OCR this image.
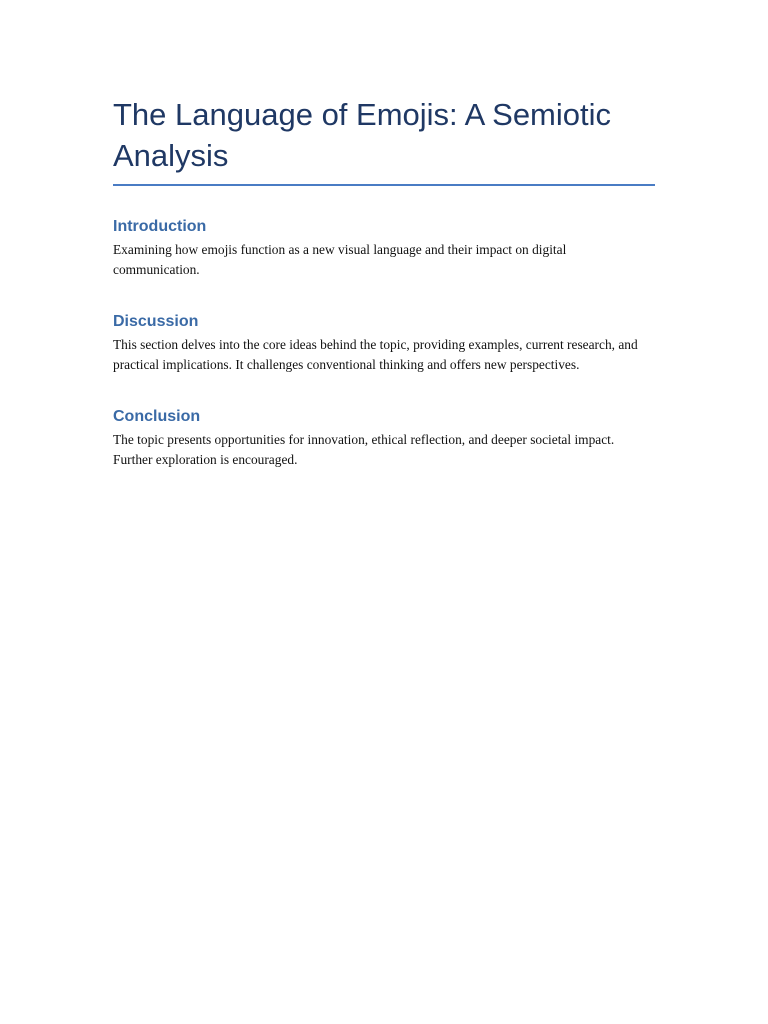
The Language of Emojis: A Semiotic Analysis
Introduction

Examining how emojis function as a new visual language and their impact on digital communication.

Discussion

This section delves into the core ideas behind the topic, providing examples, current research, and practical implications. It challenges conventional thinking and offers new perspectives.

Conclusion

The topic presents opportunities for innovation, ethical reflection, and deeper societal impact. Further exploration is encouraged.
